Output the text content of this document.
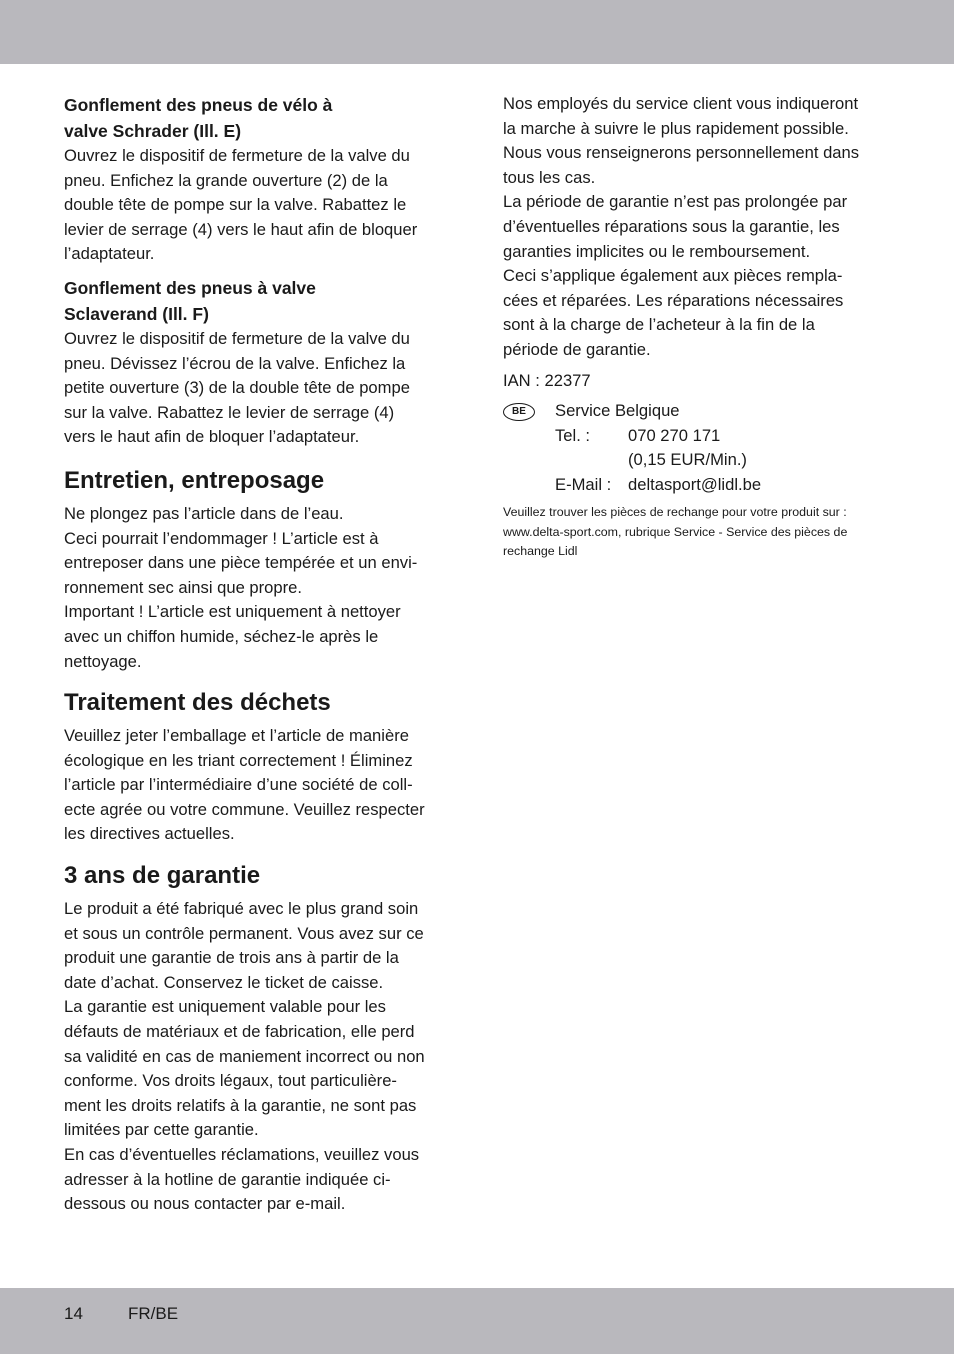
Gonflement des pneus de vélo à
valve Schrader (Ill. E)

Ouvrez le dispositif de fermeture de la valve du

pneu. Enfichez la grande ouverture (2) de la

double tête de pompe sur la valve. Rabattez le

levier de serrage (4) vers le haut afin de bloquer

l’adaptateur.

Gonflement des pneus à valve
Sclaverand (Ill. F)

Ouvrez le dispositif de fermeture de la valve du

pneu. Dévissez l’écrou de la valve. Enfichez la

petite ouverture (3) de la double tête de pompe

sur la valve. Rabattez le levier de serrage (4)

vers le haut afin de bloquer l’adaptateur.

Entretien, entreposage

Ne plongez pas l’article dans de l’eau.

Ceci pourrait l’endommager ! L’article est à

entreposer dans une pièce tempérée et un envi-

ronnement sec ainsi que propre.

Important ! L’article est uniquement à nettoyer

avec un chiffon humide, séchez-le après le

nettoyage.

Traitement des déchets

Veuillez jeter l’emballage et l’article de manière

écologique en les triant correctement ! Éliminez

l’article par l’intermédiaire d’une société de coll-

ecte agrée ou votre commune. Veuillez respecter

les directives actuelles.

3 ans de garantie

Le produit a été fabriqué avec le plus grand soin

et sous un contrôle permanent. Vous avez sur ce

produit une garantie de trois ans à partir de la

date d’achat. Conservez le ticket de caisse.

La garantie est uniquement valable pour les

défauts de matériaux et de fabrication, elle perd

sa validité en cas de maniement incorrect ou non

conforme. Vos droits légaux, tout particulière-

ment les droits relatifs à la garantie, ne sont pas

limitées par cette garantie.

En cas d’éventuelles réclamations, veuillez vous

adresser à la hotline de garantie indiquée ci-

dessous ou nous contacter par e-mail.

Nos employés du service client vous indiqueront

la marche à suivre le plus rapidement possible.

Nous vous renseignerons personnellement dans

tous les cas.

La période de garantie n’est pas prolongée par

d’éventuelles réparations sous la garantie, les

garanties implicites ou le remboursement.

Ceci s’applique également aux pièces rempla-

cées et réparées. Les réparations nécessaires

sont à la charge de l’acheteur à la fin de la

période de garantie.

IAN : 22377

BE	Service Belgique
Tel. : 070 270 171
(0,15 EUR/Min.)
E-Mail : deltasport@lidl.be
Veuillez trouver les pièces de rechange pour votre produit sur :
www.delta-sport.com, rubrique Service - Service des pièces de
rechange Lidl
14	FR/BE
